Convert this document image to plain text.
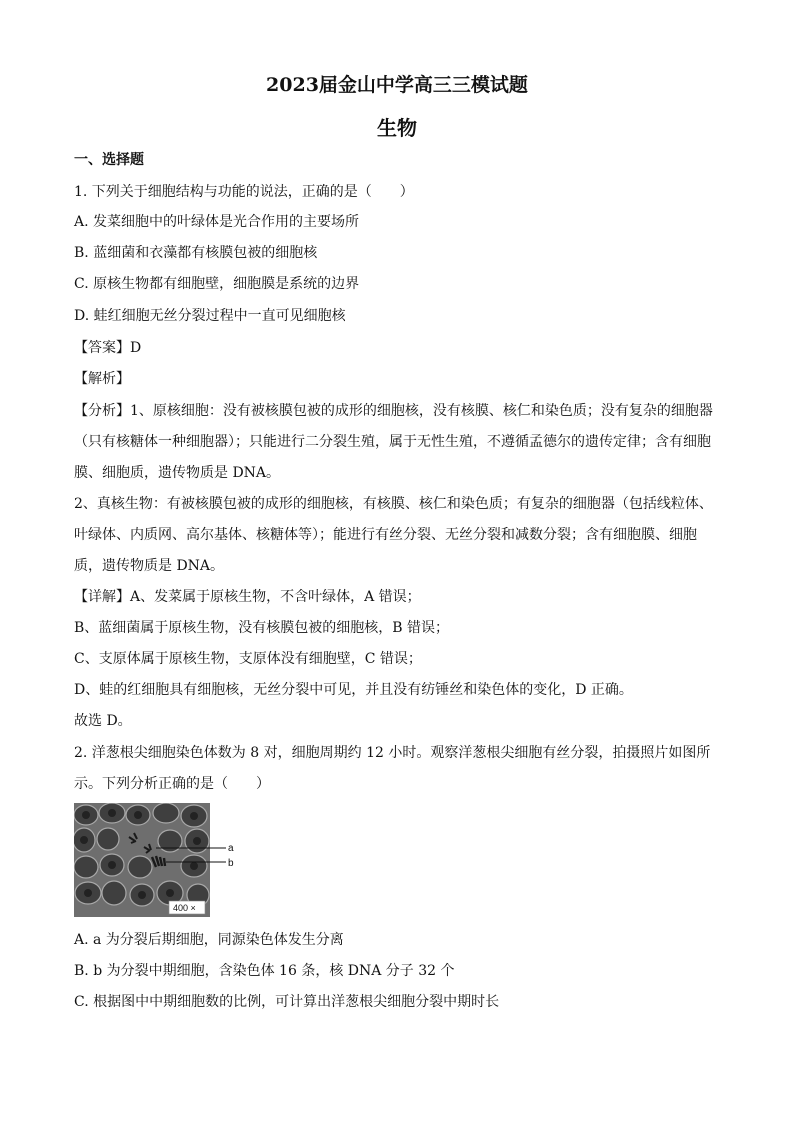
2023届金山中学高三三模试题
生物

一、选择题

1. 下列关于细胞结构与功能的说法，正确的是（　　）

A. 发菜细胞中的叶绿体是光合作用的主要场所

B. 蓝细菌和衣藻都有核膜包被的细胞核

C. 原核生物都有细胞壁，细胞膜是系统的边界

D. 蛙红细胞无丝分裂过程中一直可见细胞核

【答案】D

【解析】

【分析】1、原核细胞：没有被核膜包被的成形的细胞核，没有核膜、核仁和染色质；没有复杂的细胞器

（只有核糖体一种细胞器）；只能进行二分裂生殖，属于无性生殖，不遵循孟德尔的遗传定律；含有细胞

膜、细胞质，遗传物质是 DNA。

2、真核生物：有被核膜包被的成形的细胞核，有核膜、核仁和染色质；有复杂的细胞器（包括线粒体、

叶绿体、内质网、高尔基体、核糖体等）；能进行有丝分裂、无丝分裂和减数分裂；含有细胞膜、细胞

质，遗传物质是 DNA。

【详解】A、发菜属于原核生物，不含叶绿体，A 错误；

B、蓝细菌属于原核生物，没有核膜包被的细胞核，B 错误；

C、支原体属于原核生物，支原体没有细胞壁，C 错误；

D、蛙的红细胞具有细胞核，无丝分裂中可见，并且没有纺锤丝和染色体的变化，D 正确。

故选 D。

2. 洋葱根尖细胞染色体数为 8 对，细胞周期约 12 小时。观察洋葱根尖细胞有丝分裂，拍摄照片如图所

示。下列分析正确的是（　　）

a
b
400 ×

A. a 为分裂后期细胞，同源染色体发生分离

B. b 为分裂中期细胞，含染色体 16 条，核 DNA 分子 32 个

C. 根据图中中期细胞数的比例，可计算出洋葱根尖细胞分裂中期时长
